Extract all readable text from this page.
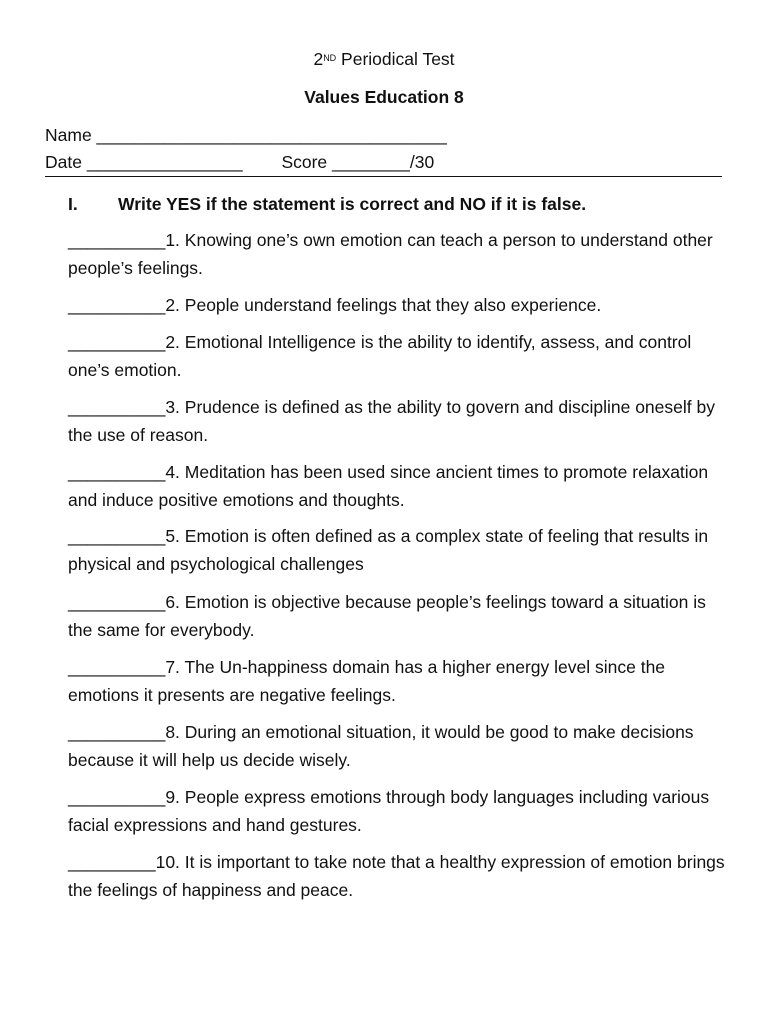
2ND Periodical Test
Values Education 8
Name ____________________________________
Date ________________        Score ________/30
I. Write YES if the statement is correct and NO if it is false.

__________1. Knowing one’s own emotion can teach a person to understand other people’s feelings.

__________2. People understand feelings that they also experience.

__________2. Emotional Intelligence is the ability to identify, assess, and control one’s emotion.

__________3. Prudence is defined as the ability to govern and discipline oneself by the use of reason.

__________4. Meditation has been used since ancient times to promote relaxation and induce positive emotions and thoughts.

__________5. Emotion is often defined as a complex state of feeling that results in physical and psychological challenges

__________6. Emotion is objective because people’s feelings toward a situation is the same for everybody.

__________7. The Un-happiness domain has a higher energy level since the emotions it presents are negative feelings.

__________8. During an emotional situation, it would be good to make decisions because it will help us decide wisely.

__________9. People express emotions through body languages including various facial expressions and hand gestures.

_________10. It is important to take note that a healthy expression of emotion brings the feelings of happiness and peace.
